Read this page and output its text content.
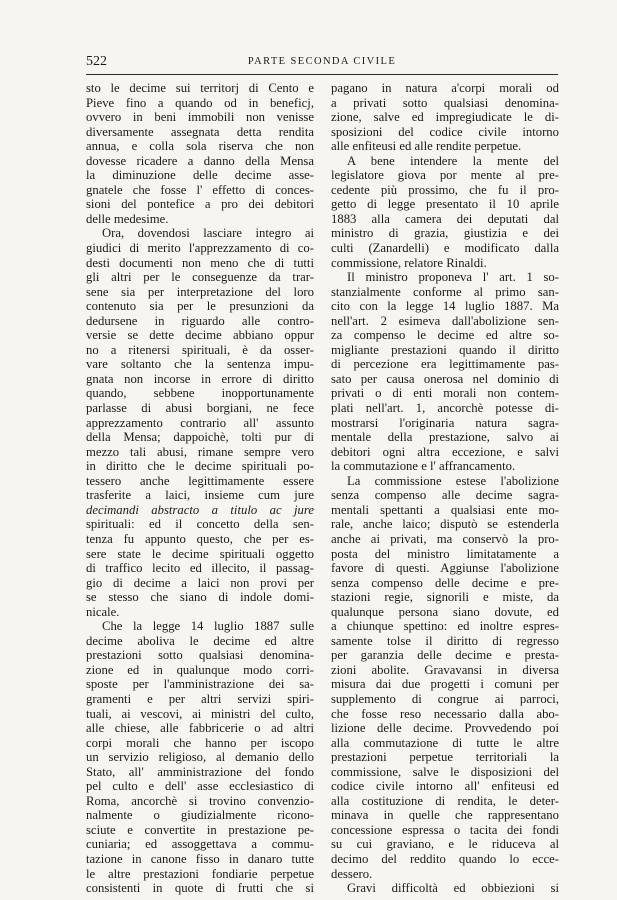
522	PARTE SECONDA CIVILE
sto le decime sui territorj di Cento e
Pieve fino a quando od in beneficj,
ovvero in beni immobili non venisse
diversamente assegnata detta rendita
annua, e colla sola riserva che non
dovesse ricadere a danno della Mensa
la diminuzione delle decime asse-
gnatele che fosse l' effetto di conces-
sioni del pontefice a pro dei debitori
delle medesime.
Ora, dovendosi lasciare integro ai
giudici di merito l'apprezzamento di co-
desti documenti non meno che di tutti
gli altri per le conseguenze da trar-
sene sia per interpretazione del loro
contenuto sia per le presunzioni da
dedursene in riguardo alle contro-
versie se dette decime abbiano oppur
no a ritenersi spirituali, è da osser-
vare soltanto che la sentenza impu-
gnata non incorse in errore di diritto
quando, sebbene inopportunamente
parlasse di abusi borgiani, ne fece
apprezzamento contrario all' assunto
della Mensa; dappoichè, tolti pur di
mezzo tali abusi, rimane sempre vero
in diritto che le decime spirituali po-
tessero anche legittimamente essere
trasferite a laici, insieme cum jure
decimandi abstracto a titulo ac jure
spirituali: ed il concetto della sen-
tenza fu appunto questo, che per es-
sere state le decime spirituali oggetto
di traffico lecito ed illecito, il passag-
gio di decime a laici non provi per
se stesso che siano di indole domi-
nicale.
Che la legge 14 luglio 1887 sulle
decime aboliva le decime ed altre
prestazioni sotto qualsiasi denomina-
zione ed in qualunque modo corri-
sposte per l'amministrazione dei sa-
gramenti e per altri servizi spiri-
tuali, ai vescovi, ai ministri del culto,
alle chiese, alle fabbricerie o ad altri
corpi morali che hanno per iscopo
un servizio religioso, al demanio dello
Stato, all' amministrazione del fondo
pel culto e dell' asse ecclesiastico di
Roma, ancorchè si trovino convenzio-
nalmente o giudizialmente ricono-
sciute e convertite in prestazione pe-
cuniaria; ed assoggettava a commu-
tazione in canone fisso in danaro tutte
le altre prestazioni fondiarie perpetue
consistenti in quote di frutti che si
pagano in natura a'corpi morali od
a privati sotto qualsiasi denomina-
zione, salve ed impregiudicate le di-
sposizioni del codice civile intorno
alle enfiteusi ed alle rendite perpetue.
A bene intendere la mente del
legislatore giova por mente al pre-
cedente più prossimo, che fu il pro-
getto di legge presentato il 10 aprile
1883 alla camera dei deputati dal
ministro di grazia, giustizia e dei
culti (Zanardelli) e modificato dalla
commissione, relatore Rinaldi.
Il ministro proponeva l' art. 1 so-
stanzialmente conforme al primo san-
cito con la legge 14 luglio 1887. Ma
nell'art. 2 esimeva dall'abolizione sen-
za compenso le decime ed altre so-
migliante prestazioni quando il diritto
di percezione era legittimamente pas-
sato per causa onerosa nel dominio di
privati o di enti morali non contem-
plati nell'art. 1, ancorchè potesse di-
mostrarsi l'originaria natura sagra-
mentale della prestazione, salvo ai
debitori ogni altra eccezione, e salvi
la commutazione e l' affrancamento.
La commissione estese l'abolizione
senza compenso alle decime sagra-
mentali spettanti a qualsiasi ente mo-
rale, anche laico; disputò se estenderla
anche ai privati, ma conservò la pro-
posta del ministro limitatamente a
favore di questi. Aggiunse l'abolizione
senza compenso delle decime e pre-
stazioni regie, signorili e miste, da
qualunque persona siano dovute, ed
a chiunque spettino: ed inoltre espres-
samente tolse il diritto di regresso
per garanzia delle decime e presta-
zioni abolite. Gravavansi in diversa
misura dai due progetti i comuni per
supplemento di congrue ai parroci,
che fosse reso necessario dalla abo-
lizione delle decime. Provvedendo poi
alla commutazione di tutte le altre
prestazioni perpetue territoriali la
commissione, salve le disposizioni del
codice civile intorno all' enfiteusi ed
alla costituzione di rendita, le deter-
minava in quelle che rappresentano
concessione espressa o tacita dei fondi
su cui graviano, e le riduceva al
decimo del reddito quando lo ecce-
dessero.
Gravi difficoltà ed obbiezioni si
